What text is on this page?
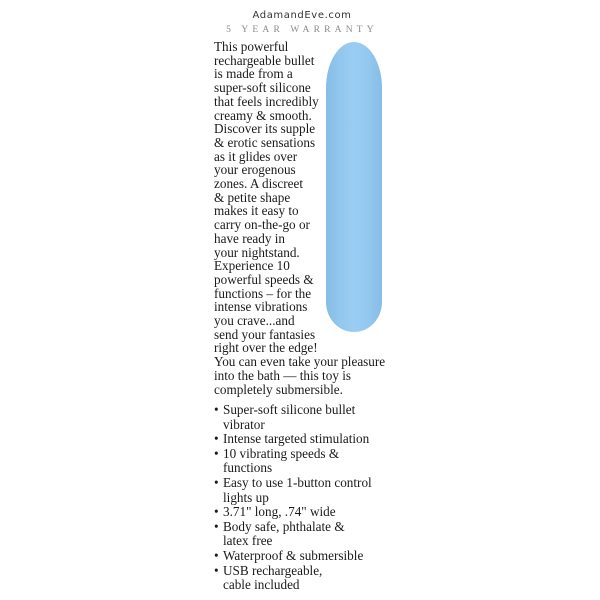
AdamandEve.com
5 YEAR WARRANTY
This powerful
rechargeable bullet
is made from a
super-soft silicone
that feels incredibly
creamy & smooth.
Discover its supple
& erotic sensations
as it glides over
your erogenous
zones. A discreet
& petite shape
makes it easy to
carry on-the-go or
have ready in
your nightstand.
Experience 10
powerful speeds &
functions – for the
intense vibrations
you crave...and
send your fantasies
right over the edge!
You can even take your pleasure
into the bath — this toy is
completely submersible.
• Super-soft silicone bullet
vibrator
• Intense targeted stimulation
• 10 vibrating speeds &
functions
• Easy to use 1-button control
lights up
• 3.71" long, .74" wide
• Body safe, phthalate &
latex free
• Waterproof & submersible
• USB rechargeable,
cable included
